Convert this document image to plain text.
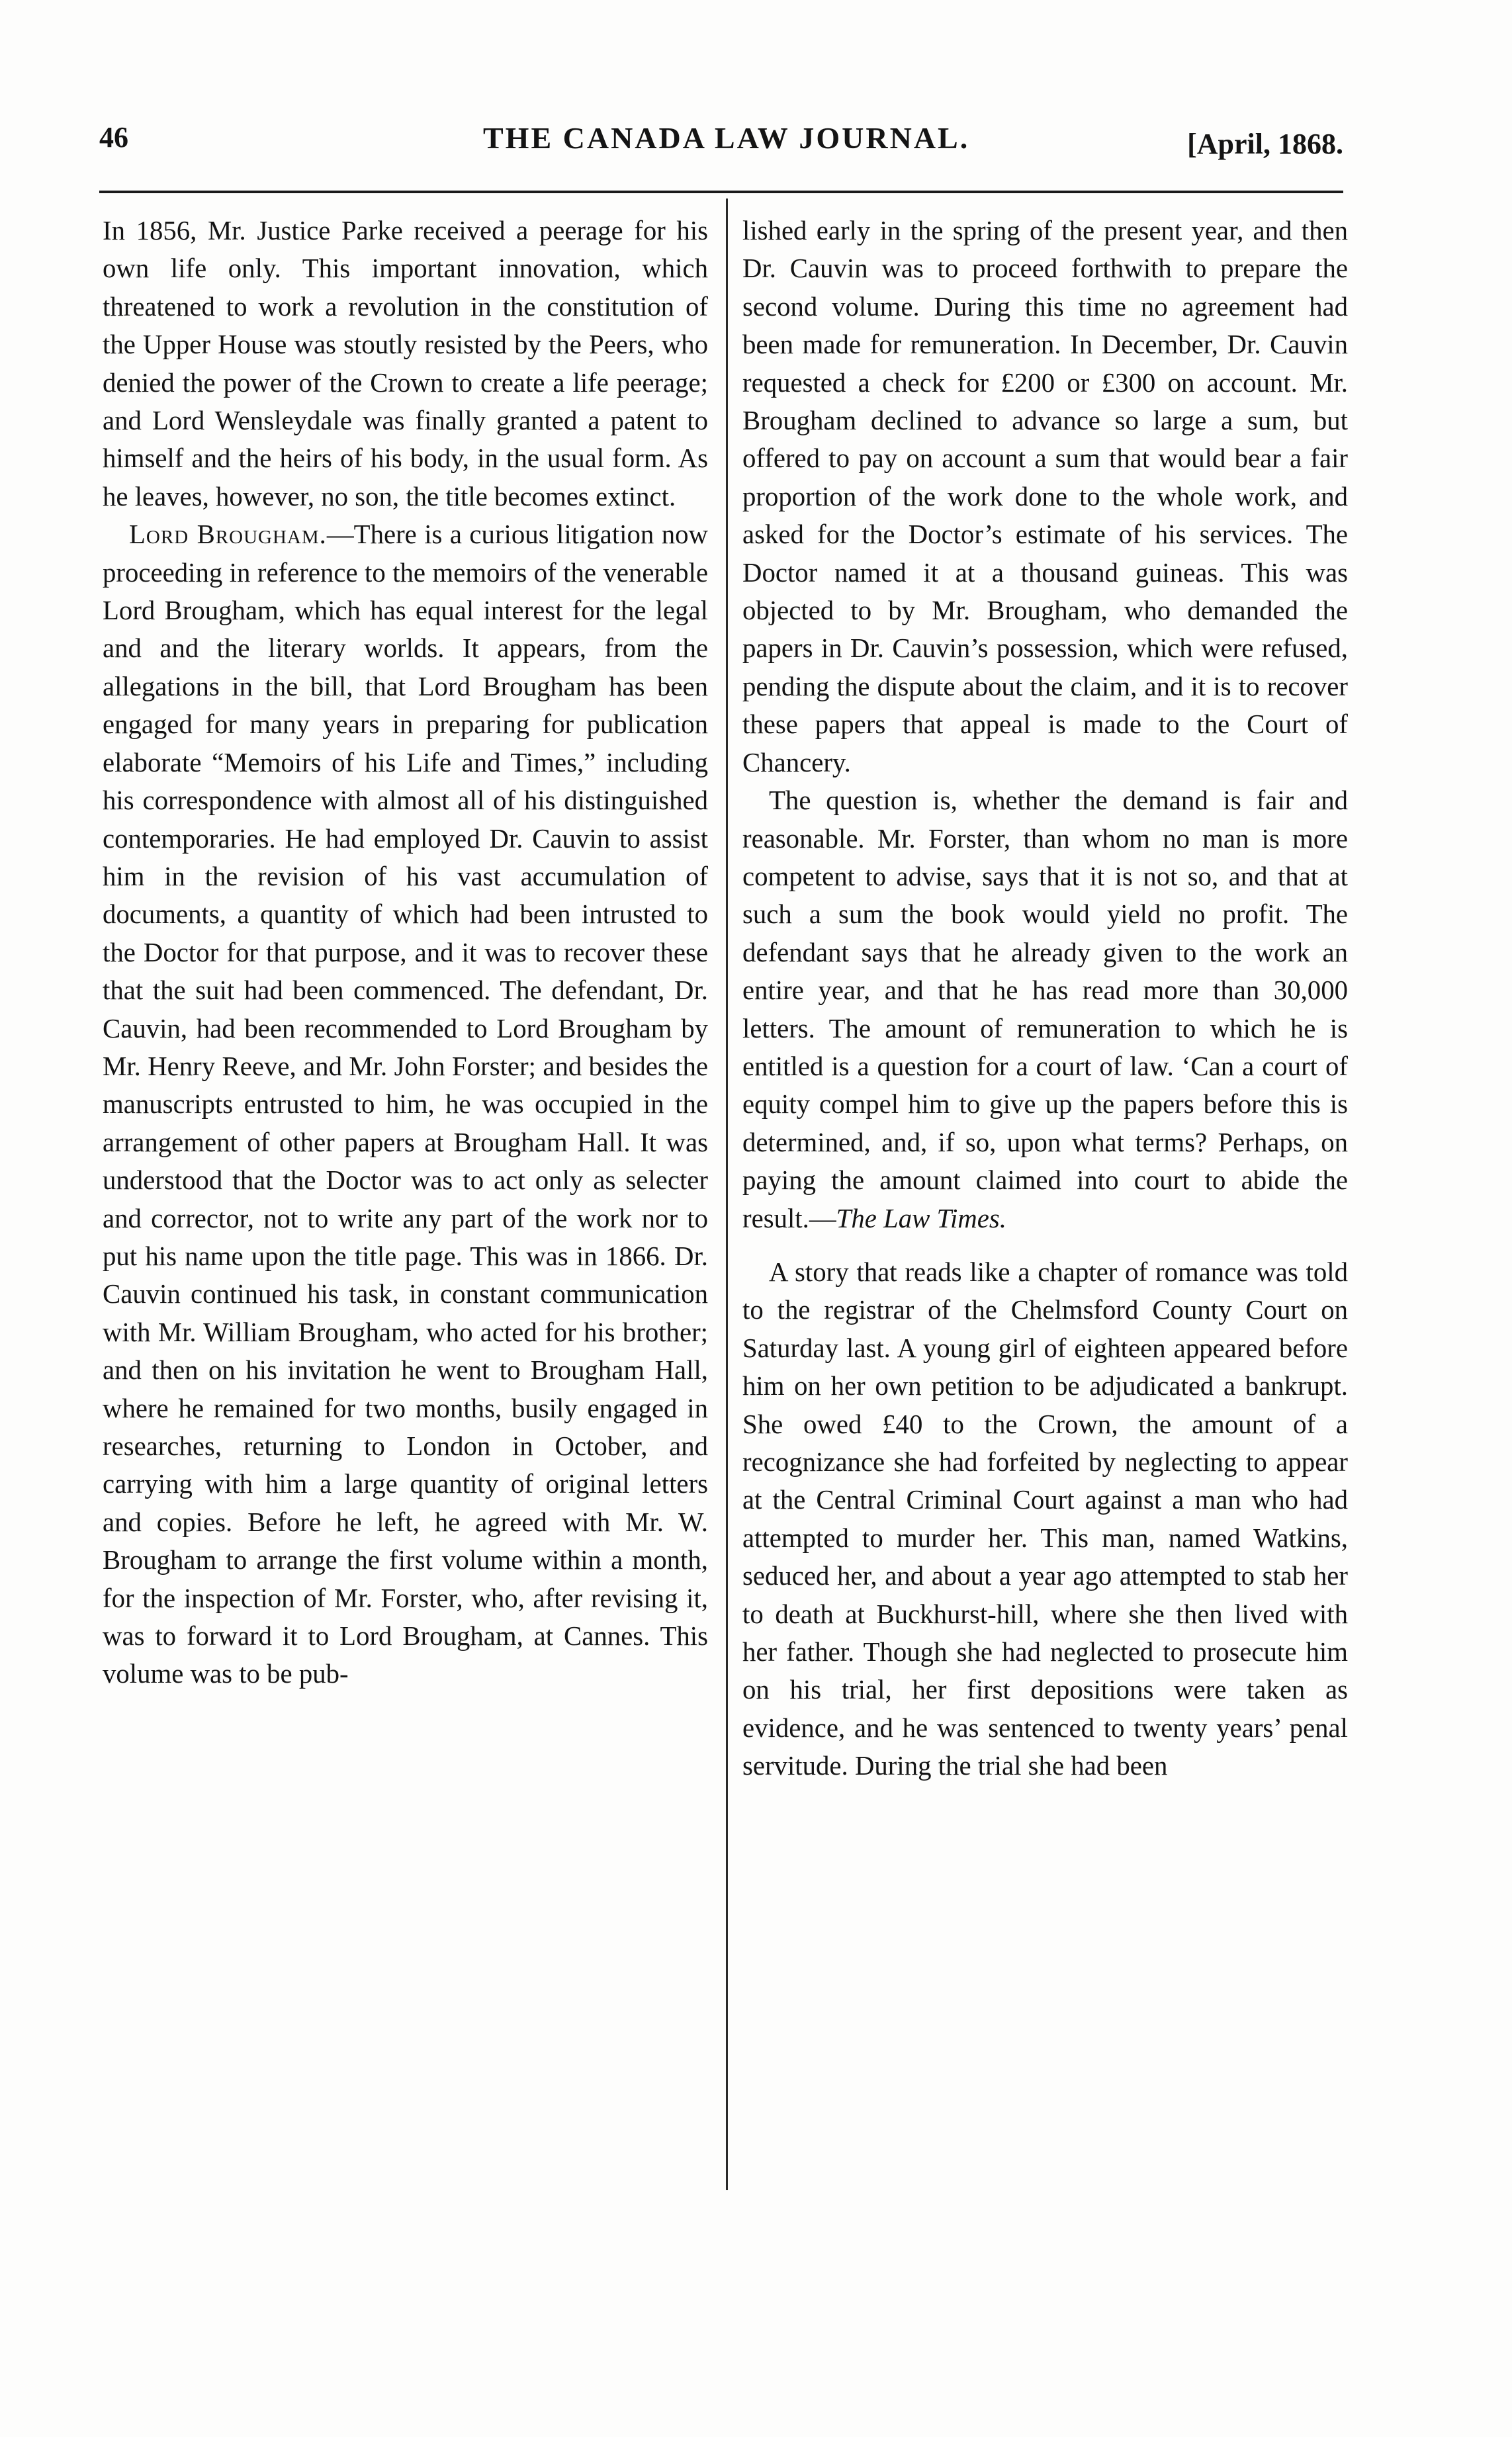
46	THE CANADA LAW JOURNAL.	[April, 1868.

In 1856, Mr. Justice Parke received a peerage for his own life only. This important innovation, which threatened to work a revolution in the constitution of the Upper House was stoutly resisted by the Peers, who denied the power of the Crown to create a life peerage; and Lord Wensleydale was finally granted a patent to himself and the heirs of his body, in the usual form. As he leaves, however, no son, the title becomes extinct.

Lord Brougham.—There is a curious litigation now proceeding in reference to the memoirs of the venerable Lord Brougham, which has equal interest for the legal and and the literary worlds. It appears, from the allegations in the bill, that Lord Brougham has been engaged for many years in preparing for publication elaborate “Memoirs of his Life and Times,” including his correspondence with almost all of his distinguished contemporaries. He had employed Dr. Cauvin to assist him in the revision of his vast accumulation of documents, a quantity of which had been intrusted to the Doctor for that purpose, and it was to recover these that the suit had been commenced. The defendant, Dr. Cauvin, had been recommended to Lord Brougham by Mr. Henry Reeve, and Mr. John Forster; and besides the manuscripts entrusted to him, he was occupied in the arrangement of other papers at Brougham Hall. It was understood that the Doctor was to act only as selecter and corrector, not to write any part of the work nor to put his name upon the title page. This was in 1866. Dr. Cauvin continued his task, in constant communication with Mr. William Brougham, who acted for his brother; and then on his invitation he went to Brougham Hall, where he remained for two months, busily engaged in researches, returning to London in October, and carrying with him a large quantity of original letters and copies. Before he left, he agreed with Mr. W. Brougham to arrange the first volume within a month, for the inspection of Mr. Forster, who, after revising it, was to forward it to Lord Brougham, at Cannes. This volume was to be pub-

lished early in the spring of the present year, and then Dr. Cauvin was to proceed forthwith to prepare the second volume. During this time no agreement had been made for remuneration. In December, Dr. Cauvin requested a check for £200 or £300 on account. Mr. Brougham declined to advance so large a sum, but offered to pay on account a sum that would bear a fair proportion of the work done to the whole work, and asked for the Doctor’s estimate of his services. The Doctor named it at a thousand guineas. This was objected to by Mr. Brougham, who demanded the papers in Dr. Cauvin’s possession, which were refused, pending the dispute about the claim, and it is to recover these papers that appeal is made to the Court of Chancery.

The question is, whether the demand is fair and reasonable. Mr. Forster, than whom no man is more competent to advise, says that it is not so, and that at such a sum the book would yield no profit. The defendant says that he already given to the work an entire year, and that he has read more than 30,000 letters. The amount of remuneration to which he is entitled is a question for a court of law. ‘Can a court of equity compel him to give up the papers before this is determined, and, if so, upon what terms? Perhaps, on paying the amount claimed into court to abide the result.—The Law Times.

A story that reads like a chapter of romance was told to the registrar of the Chelmsford County Court on Saturday last. A young girl of eighteen appeared before him on her own petition to be adjudicated a bankrupt. She owed £40 to the Crown, the amount of a recognizance she had forfeited by neglecting to appear at the Central Criminal Court against a man who had attempted to murder her. This man, named Watkins, seduced her, and about a year ago attempted to stab her to death at Buckhurst-hill, where she then lived with her father. Though she had neglected to prosecute him on his trial, her first depositions were taken as evidence, and he was sentenced to twenty years’ penal servitude. During the trial she had been
